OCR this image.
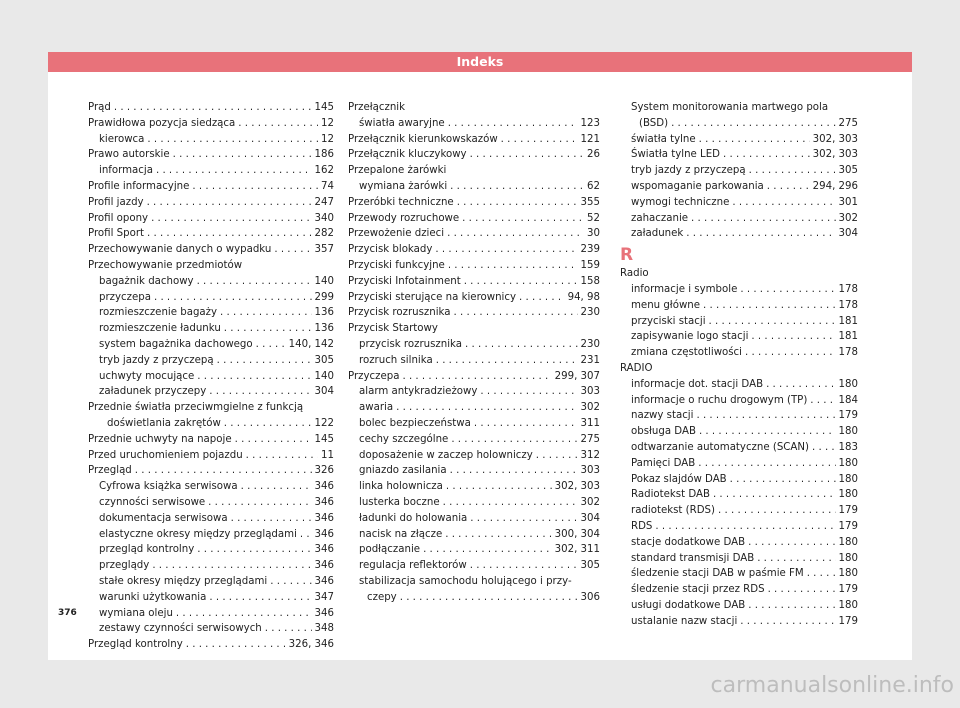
Indeks
Prąd . . .	145
Prawidłowa pozycja siedząca . . .	12
kierowca . . .	12
Prawo autorskie . . .	186
informacja . . .	162
Profile informacyjne . . .	74
Profil jazdy . . .	247
Profil opony . . .	340
Profil Sport . . .	282
Przechowywanie danych o wypadku . . .	357
Przechowywanie przedmiotów
bagażnik dachowy . . .	140
przyczepa . . .	299
rozmieszczenie bagaży . . .	136
rozmieszczenie ładunku . . .	136
system bagażnika dachowego . . .	140, 142
tryb jazdy z przyczepą . . .	305
uchwyty mocujące . . .	140
załadunek przyczepy . . .	304
Przednie światła przeciwmgielne z funkcją
doświetlania zakrętów . . .	122
Przednie uchwyty na napoje . . .	145
Przed uruchomieniem pojazdu . . .	11
Przegląd . . .	326
Cyfrowa książka serwisowa . . .	346
czynności serwisowe . . .	346
dokumentacja serwisowa . . .	346
elastyczne okresy między przeglądami . . . 346
przegląd kontrolny . . .	346
przeglądy . . .	346
stałe okresy między przeglądami . . .	346
warunki użytkowania . . .	347
wymiana oleju . . .	346
zestawy czynności serwisowych . . .	348
Przegląd kontrolny . . .	326, 346
Przełącznik
światła awaryjne . . .	123
Przełącznik kierunkowskazów . . .	121
Przełącznik kluczykowy . . .	26
Przepalone żarówki
wymiana żarówki . . .	62
Przeróbki techniczne . . .	355
Przewody rozruchowe . . .	52
Przewożenie dzieci . . .	30
Przycisk blokady . . .	239
Przyciski funkcyjne . . .	159
Przyciski Infotainment . . .	158
Przyciski sterujące na kierownicy . . .	94, 98
Przycisk rozrusznika . . .	230
Przycisk Startowy
przycisk rozrusznika . . .	230
rozruch silnika . . .	231
Przyczepa . . .	299, 307
alarm antykradzieżowy . . .	303
awaria . . .	302
bolec bezpieczeństwa . . .	311
cechy szczególne . . .	275
doposażenie w zaczep holowniczy . . .	312
gniazdo zasilania . . .	303
linka holownicza . . .	302, 303
lusterka boczne . . .	302
ładunki do holowania . . .	304
nacisk na złącze . . .	300, 304
podłączanie . . .	302, 311
regulacja reflektorów . . .	305
stabilizacja samochodu holującego i przy-
czepy . . .	306
System monitorowania martwego pola
(BSD) . . .	275
światła tylne . . .	302, 303
Światła tylne LED . . .	302, 303
tryb jazdy z przyczepą . . .	305
wspomaganie parkowania . . .	294, 296
wymogi techniczne . . .	301
zahaczanie . . .	302
załadunek . . .	304
R
Radio
informacje i symbole . . .	178
menu główne . . .	178
przyciski stacji . . .	181
zapisywanie logo stacji . . .	181
zmiana częstotliwości . . .	178
RADIO
informacje dot. stacji DAB . . .	180
informacje o ruchu drogowym (TP) . . .	184
nazwy stacji . . .	179
obsługa DAB . . .	180
odtwarzanie automatyczne (SCAN) . . .	183
Pamięci DAB . . .	180
Pokaz slajdów DAB . . .	180
Radiotekst DAB . . .	180
radiotekst (RDS) . . .	179
RDS . . .	179
stacje dodatkowe DAB . . .	180
standard transmisji DAB . . .	180
śledzenie stacji DAB w paśmie FM . . .	180
śledzenie stacji przez RDS . . .	179
usługi dodatkowe DAB . . .	180
ustalanie nazw stacji . . .	179
376
carmanualsonline.info
